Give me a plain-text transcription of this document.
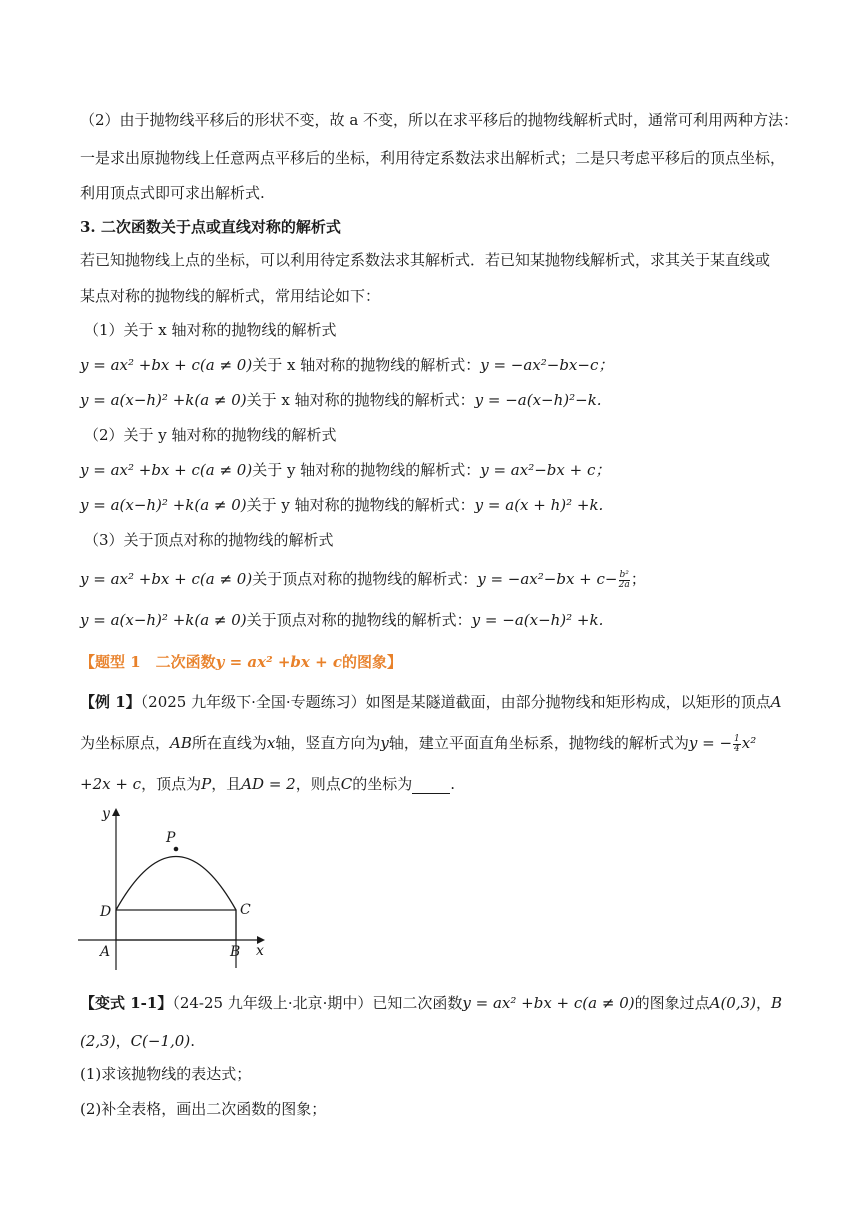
（2）由于抛物线平移后的形状不变，故 a 不变，所以在求平移后的抛物线解析式时，通常可利用两种方法：
一是求出原抛物线上任意两点平移后的坐标，利用待定系数法求出解析式；二是只考虑平移后的顶点坐标，
利用顶点式即可求出解析式.
3. 二次函数关于点或直线对称的解析式
若已知抛物线上点的坐标，可以利用待定系数法求其解析式．若已知某抛物线解析式，求其关于某直线或
某点对称的抛物线的解析式，常用结论如下：
（1）关于 x 轴对称的抛物线的解析式
y = ax² +bx + c(a ≠ 0)关于 x 轴对称的抛物线的解析式：y = −ax²−bx−c；
y = a(x−h)² +k(a ≠ 0)关于 x 轴对称的抛物线的解析式：y = −a(x−h)²−k.
（2）关于 y 轴对称的抛物线的解析式
y = ax² +bx + c(a ≠ 0)关于 y 轴对称的抛物线的解析式：y = ax²−bx + c；
y = a(x−h)² +k(a ≠ 0)关于 y 轴对称的抛物线的解析式：y = a(x + h)² +k.
（3）关于顶点对称的抛物线的解析式
y = ax² +bx + c(a ≠ 0)关于顶点对称的抛物线的解析式：$y = -ax^2-bx + c- \frac{\text{b²}}{2a}$ ；
y = a(x−h)² +k(a ≠ 0)关于顶点对称的抛物线的解析式：y = −a(x−h)² +k.
【题型 1　二次函数y = ax² +bx + c的图象】
【例 1】（2025 九年级下·全国·专题练习）如图是某隧道截面，由部分抛物线和矩形构成，以矩形的顶点A
为坐标原点，AB所在直线为x轴，竖直方向为y轴，建立平面直角坐标系，抛物线的解析式为y = − $\frac{1}{4} x^2$
+2x + c，顶点为P，且AD = 2，则点C的坐标为	.
y
x
P
D	C
A	B
【变式 1-1】（24-25 九年级上·北京·期中）已知二次函数y = ax² +bx + c(a ≠ 0)的图象过点A(0,3)，B
(2,3)，C(−1,0).
(1)求该抛物线的表达式；
(2)补全表格，画出二次函数的图象；
